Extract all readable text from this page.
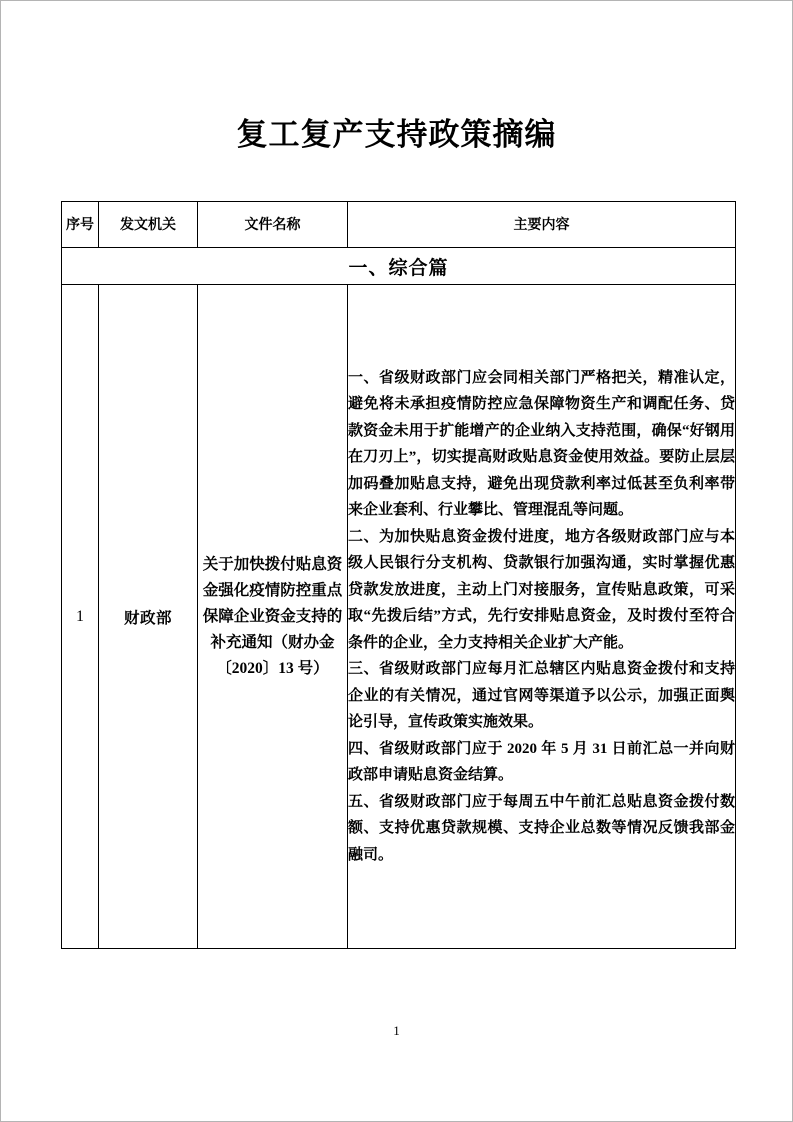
复工复产支持政策摘编
序号	发文机关	文件名称	主要内容
一、综合篇			
1	财政部	关于加快拨付贴息资金强化疫情防控重点保障企业资金支持的补充通知（财办金〔2020〕13 号）	一、省级财政部门应会同相关部门严格把关，精准认定，避免将未承担疫情防控应急保障物资生产和调配任务、贷款资金未用于扩能增产的企业纳入支持范围，确保“好钢用在刀刃上”，切实提高财政贴息资金使用效益。要防止层层加码叠加贴息支持，避免出现贷款利率过低甚至负利率带来企业套利、行业攀比、管理混乱等问题。

二、为加快贴息资金拨付进度，地方各级财政部门应与本级人民银行分支机构、贷款银行加强沟通，实时掌握优惠贷款发放进度，主动上门对接服务，宣传贴息政策，可采取“先拨后结”方式，先行安排贴息资金，及时拨付至符合条件的企业，全力支持相关企业扩大产能。

三、省级财政部门应每月汇总辖区内贴息资金拨付和支持企业的有关情况，通过官网等渠道予以公示，加强正面舆论引导，宣传政策实施效果。

四、省级财政部门应于 2020 年 5 月 31 日前汇总一并向财政部申请贴息资金结算。

五、省级财政部门应于每周五中午前汇总贴息资金拨付数额、支持优惠贷款规模、支持企业总数等情况反馈我部金融司。

1
